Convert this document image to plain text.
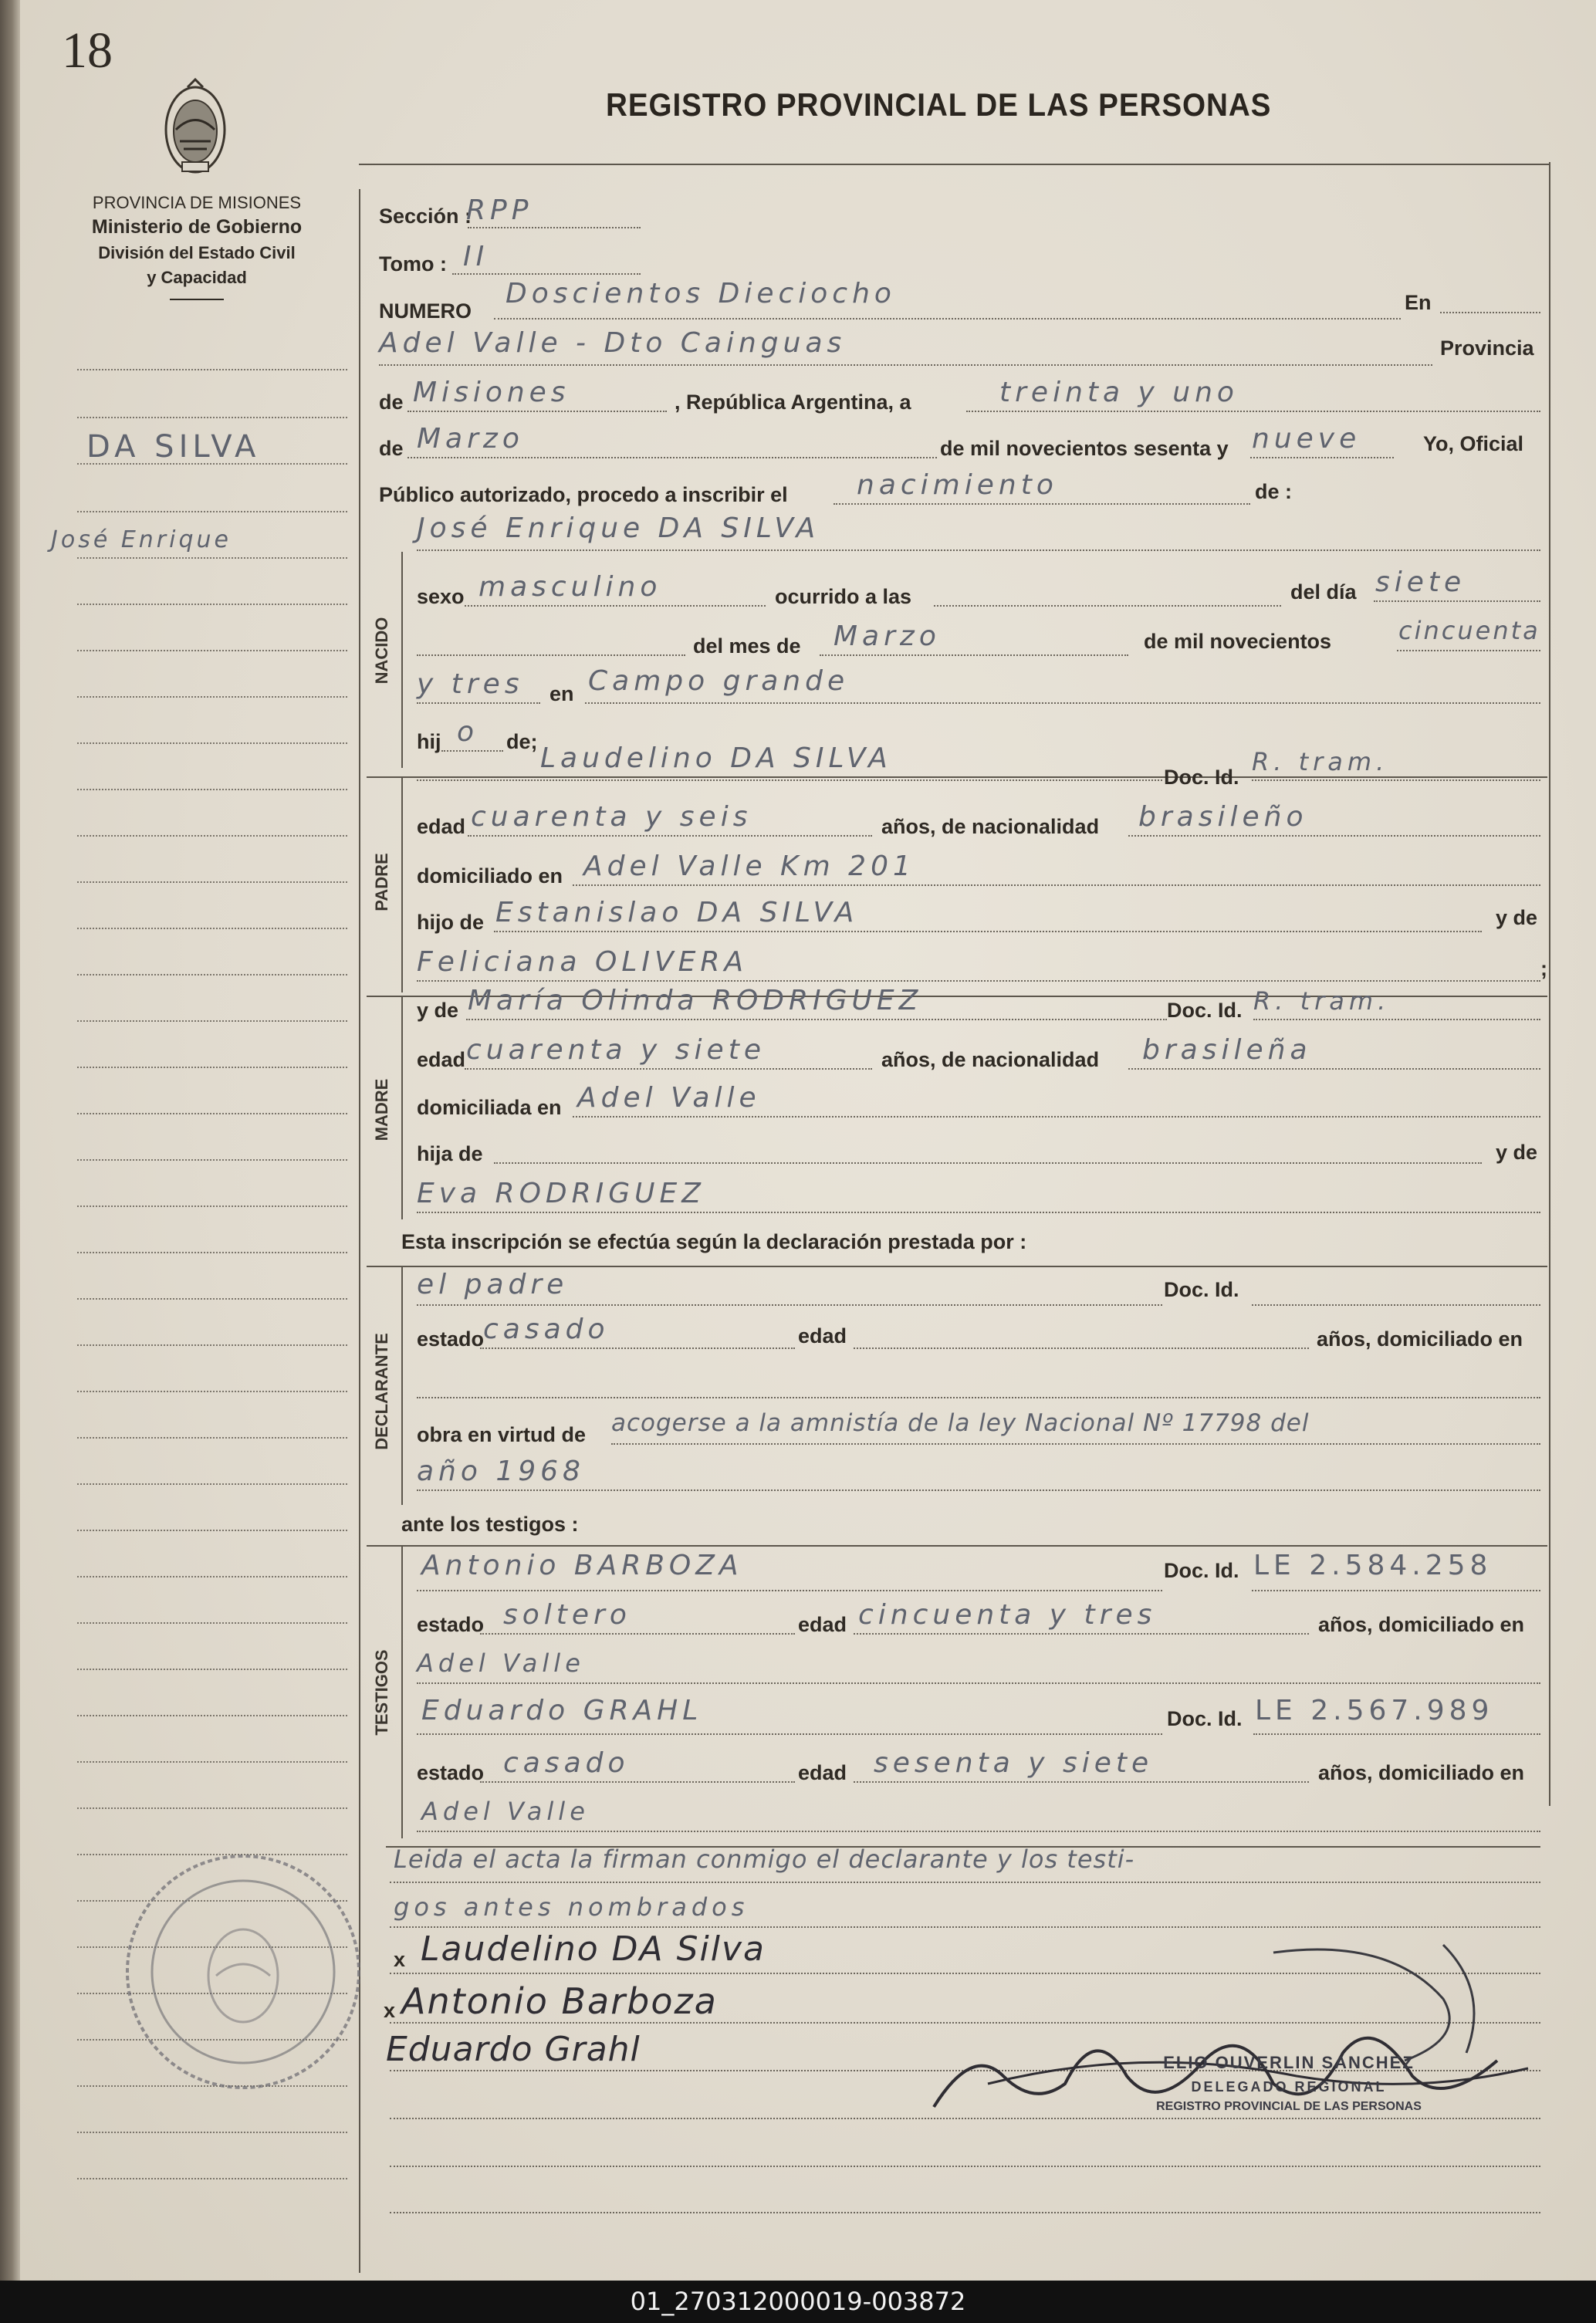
18
PROVINCIA DE MISIONES
Ministerio de Gobierno
División del Estado Civil
y Capacidad
REGISTRO PROVINCIAL DE LAS PERSONAS
DA SILVA
José Enrique
Sección :
RPP
Tomo : II
NUMERO
Doscientos Dieciocho	En
Adel Valle - Dto Cainguas	Provincia
de Misiones	, República Argentina, a	treinta y uno
de Marzo	de mil novecientos sesenta y nueve	Yo, Oficial
Público autorizado, procedo a inscribir el nacimiento	de :
NACIDO
José Enrique DA SILVA
sexo masculino	ocurrido a las	del día siete
del mes de Marzo	de mil novecientos	cincuenta
y tres en Campo grande
hij o de;
PADRE
Laudelino DA SILVA
Doc. Id.
R. tram.
edad cuarenta y seis	años, de nacionalidad brasileño
domiciliado en Adel Valle Km 201
hijo de Estanislao DA SILVA	y de
Feliciana OLIVERA	;
MADRE
y de María Olinda RODRIGUEZ	Doc. Id. R. tram.
edad cuarenta y siete	años, de nacionalidad brasileña
domiciliada en Adel Valle
hija de	y de
Eva RODRIGUEZ
Esta inscripción se efectúa según la declaración prestada por :
DECLARANTE
el padre	Doc. Id.
estado
casado	edad	años, domiciliado en
obra en virtud de acogerse a la amnistía de la ley Nacional Nº 17798 del
año 1968
ante los testigos :
TESTIGOS
Antonio BARBOZA	Doc. Id. LE 2.584.258
estado soltero	edad cincuenta y tres	años, domiciliado en
Adel Valle
Eduardo GRAHL	Doc. Id. LE 2.567.989
estado casado	edad sesenta y siete	años, domiciliado en
Adel Valle
Leida el acta la firman conmigo el declarante y los testi-
gos antes nombrados
x Laudelino DA Silva
x Antonio Barboza
Eduardo Grahl	ELIO OUVERLIN SANCHEZ
DELEGADO REGIONAL
REGISTRO PROVINCIAL DE LAS PERSONAS
01_270312000019-003872
